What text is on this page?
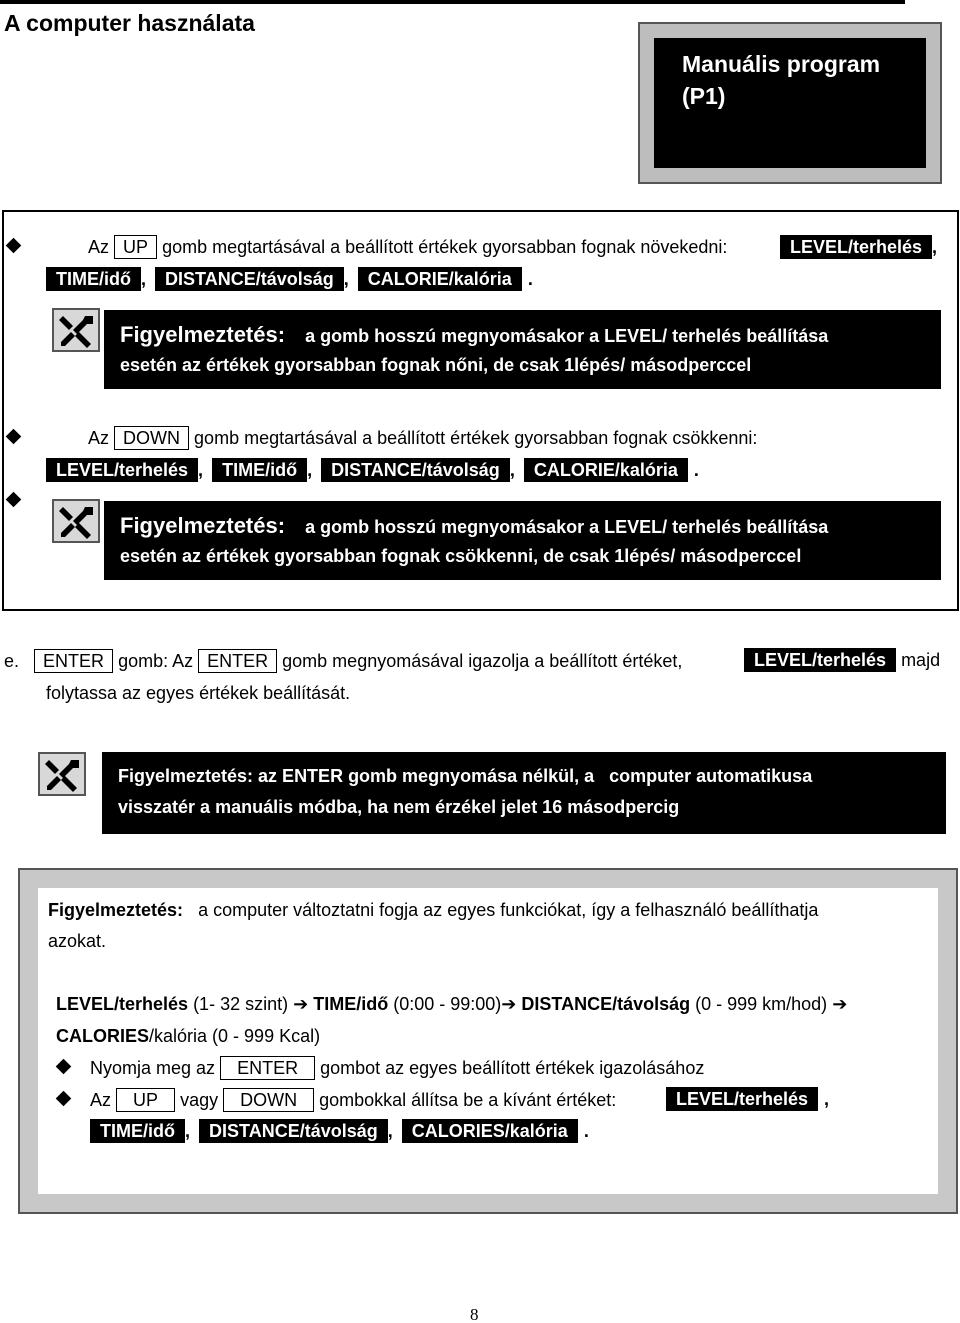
A computer használata
Manuális program
(P1)
Az UP gomb megtartásával a beállított értékek gyorsabban fognak növekedni:	LEVEL/terhelés ,
TIME/idő , DISTANCE/távolság , CALORIE/kalória .
Figyelmeztetés: a gomb hosszú megnyomásakor a LEVEL/ terhelés beállítása
esetén az értékek gyorsabban fognak nőni, de csak 1lépés/ másodperccel
Az DOWN gomb megtartásával a beállított értékek gyorsabban fognak csökkenni:
LEVEL/terhelés , TIME/idő , DISTANCE/távolság , CALORIE/kalória .
Figyelmeztetés: a gomb hosszú megnyomásakor a LEVEL/ terhelés beállítása
esetén az értékek gyorsabban fognak csökkenni, de csak 1lépés/ másodperccel
e. ENTER gomb: Az ENTER gomb megnyomásával igazolja a beállított értéket,	LEVEL/terhelés majd
folytassa az egyes értékek beállítását.
Figyelmeztetés: az ENTER gomb megnyomása nélkül, a computer automatikusa
visszatér a manuális módba, ha nem érzékel jelet 16 másodpercig
Figyelmeztetés: a computer változtatni fogja az egyes funkciókat, így a felhasználó beállíthatja
azokat.
LEVEL/terhelés (1- 32 szint) ➔ TIME/idő (0:00 - 99:00)➔ DISTANCE/távolság (0 - 999 km/hod) ➔
CALORIES/kalória (0 - 999 Kcal)
Nyomja meg az ENTER gombot az egyes beállított értékek igazolásához
Az UP vagy DOWN gombokkal állítsa be a kívánt értéket:	LEVEL/terhelés ,
TIME/idő , DISTANCE/távolság , CALORIES/kalória .
8
